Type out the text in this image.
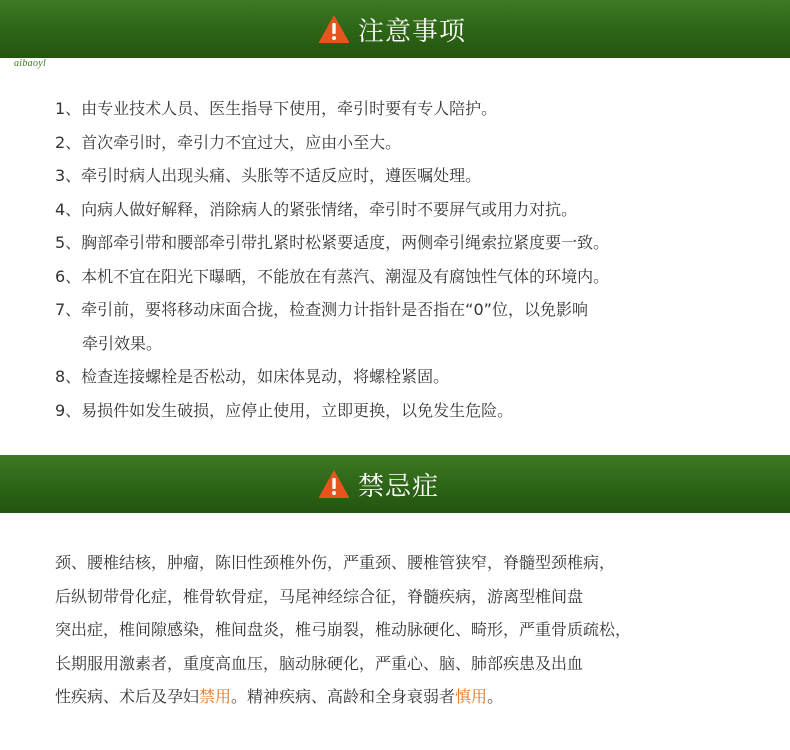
aibaoyl
注意事项
1、由专业技术人员、医生指导下使用，牵引时要有专人陪护。
2、首次牵引时，牵引力不宜过大，应由小至大。
3、牵引时病人出现头痛、头胀等不适反应时，遵医嘱处理。
4、向病人做好解释，消除病人的紧张情绪，牵引时不要屏气或用力对抗。
5、胸部牵引带和腰部牵引带扎紧时松紧要适度，两侧牵引绳索拉紧度要一致。
6、本机不宜在阳光下曝晒，不能放在有蒸汽、潮湿及有腐蚀性气体的环境内。
7、牵引前，要将移动床面合拢，检查测力计指针是否指在“0”位，以免影响
牵引效果。
8、检查连接螺栓是否松动，如床体晃动，将螺栓紧固。
9、易损件如发生破损，应停止使用，立即更换，以免发生危险。
禁忌症
颈、腰椎结核，肿瘤，陈旧性颈椎外伤，严重颈、腰椎管狭窄，脊髓型颈椎病，
后纵韧带骨化症，椎骨软骨症，马尾神经综合征，脊髓疾病，游离型椎间盘
突出症，椎间隙感染，椎间盘炎，椎弓崩裂，椎动脉硬化、畸形，严重骨质疏松，
长期服用激素者，重度高血压，脑动脉硬化，严重心、脑、肺部疾患及出血
性疾病、术后及孕妇禁用。精神疾病、高龄和全身衰弱者慎用。
